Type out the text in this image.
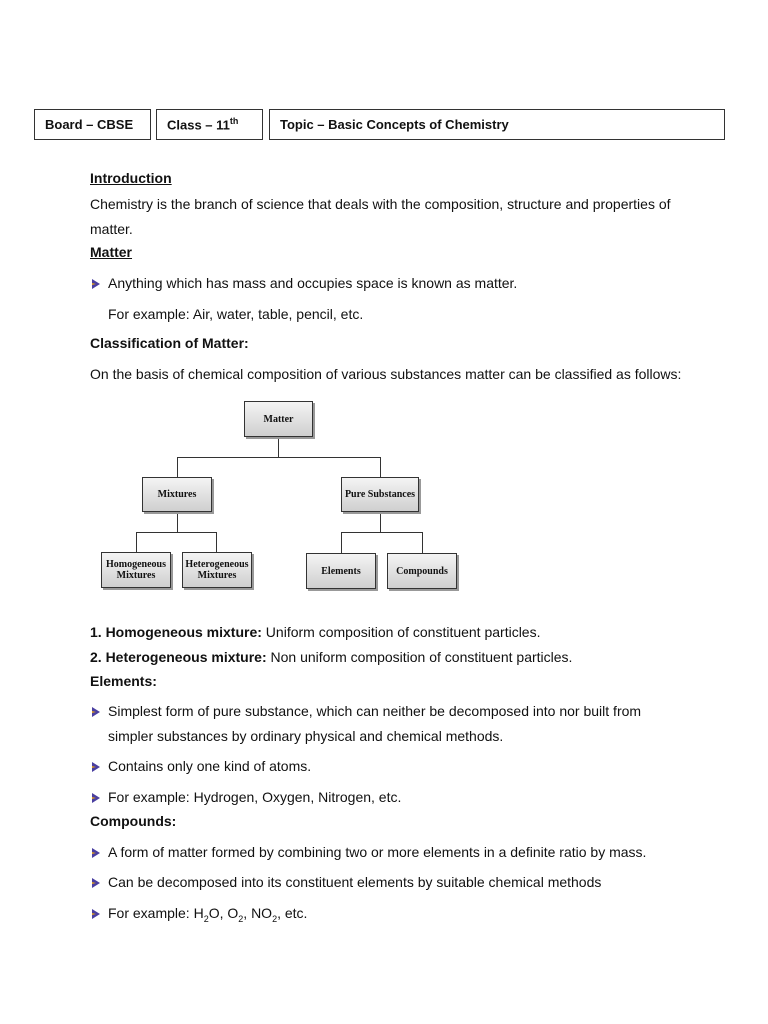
Board – CBSE	Class – 11th	Topic – Basic Concepts of Chemistry
Introduction
Chemistry is the branch of science that deals with the composition, structure and properties of
matter.
Matter
Anything which has mass and occupies space is known as matter.
For example: Air, water, table, pencil, etc.
Classification of Matter:
On the basis of chemical composition of various substances matter can be classified as follows:
Matter
Mixtures	Pure Substances
Homogeneous
Mixtures
Heterogeneous
Mixtures	Elements	Compounds
1. Homogeneous mixture: Uniform composition of constituent particles.
2. Heterogeneous mixture: Non uniform composition of constituent particles.
Elements:
Simplest form of pure substance, which can neither be decomposed into nor built from
simpler substances by ordinary physical and chemical methods.
Contains only one kind of atoms.
For example: Hydrogen, Oxygen, Nitrogen, etc.
Compounds:
A form of matter formed by combining two or more elements in a definite ratio by mass.
Can be decomposed into its constituent elements by suitable chemical methods
For example: $H_2O$, $O_2$, $NO_2$, etc.
